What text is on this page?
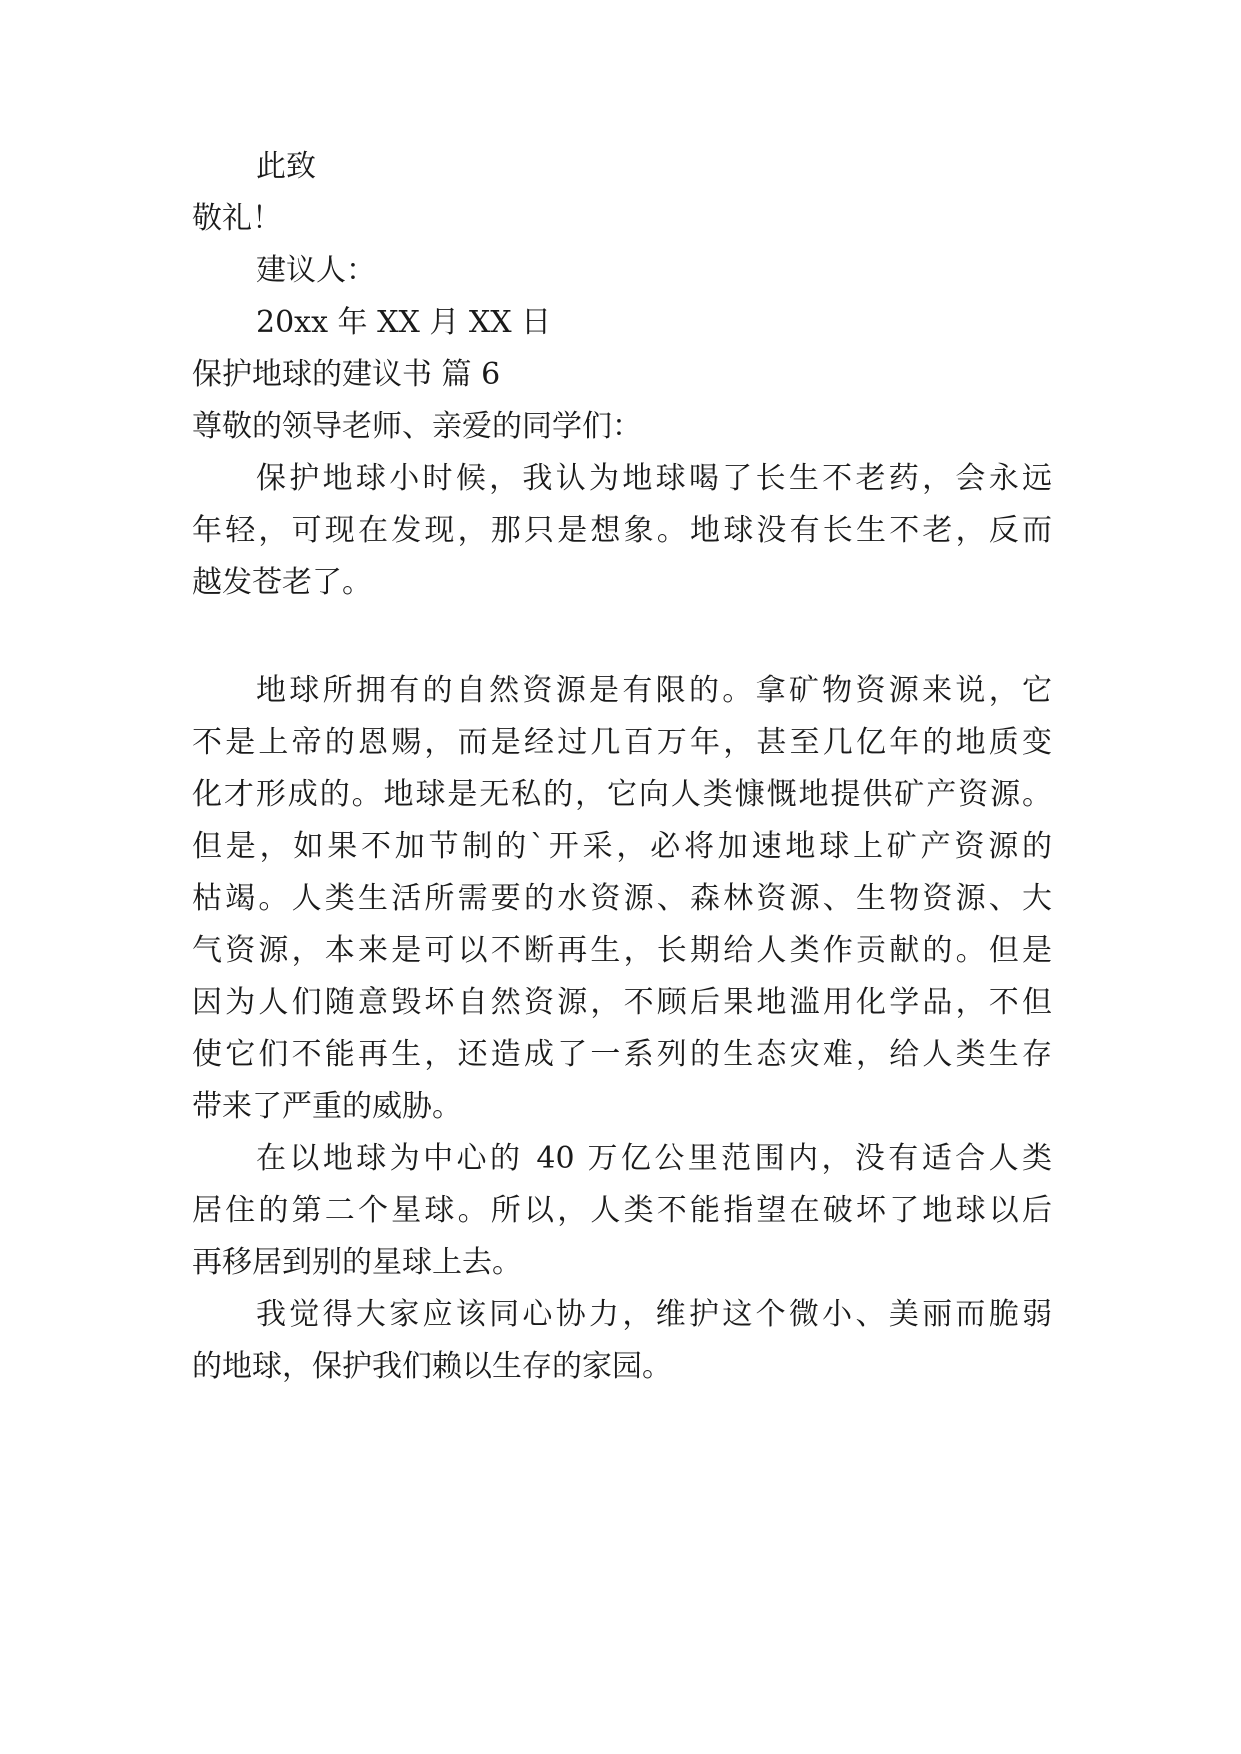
此致
敬礼！
建议人：
20xx 年 XX 月 XX 日
保护地球的建议书 篇 6
尊敬的领导老师、亲爱的同学们：
保护地球小时候，我认为地球喝了长生不老药，会永远
年轻，可现在发现，那只是想象。地球没有长生不老，反而
越发苍老了。
地球所拥有的自然资源是有限的。拿矿物资源来说，它
不是上帝的恩赐，而是经过几百万年，甚至几亿年的地质变
化才形成的。地球是无私的，它向人类慷慨地提供矿产资源。
但是，如果不加节制的`开采，必将加速地球上矿产资源的
枯竭。人类生活所需要的水资源、森林资源、生物资源、大
气资源，本来是可以不断再生，长期给人类作贡献的。但是
因为人们随意毁坏自然资源，不顾后果地滥用化学品，不但
使它们不能再生，还造成了一系列的生态灾难，给人类生存
带来了严重的威胁。
在以地球为中心的 40 万亿公里范围内，没有适合人类
居住的第二个星球。所以，人类不能指望在破坏了地球以后
再移居到别的星球上去。
我觉得大家应该同心协力，维护这个微小、美丽而脆弱
的地球，保护我们赖以生存的家园。
